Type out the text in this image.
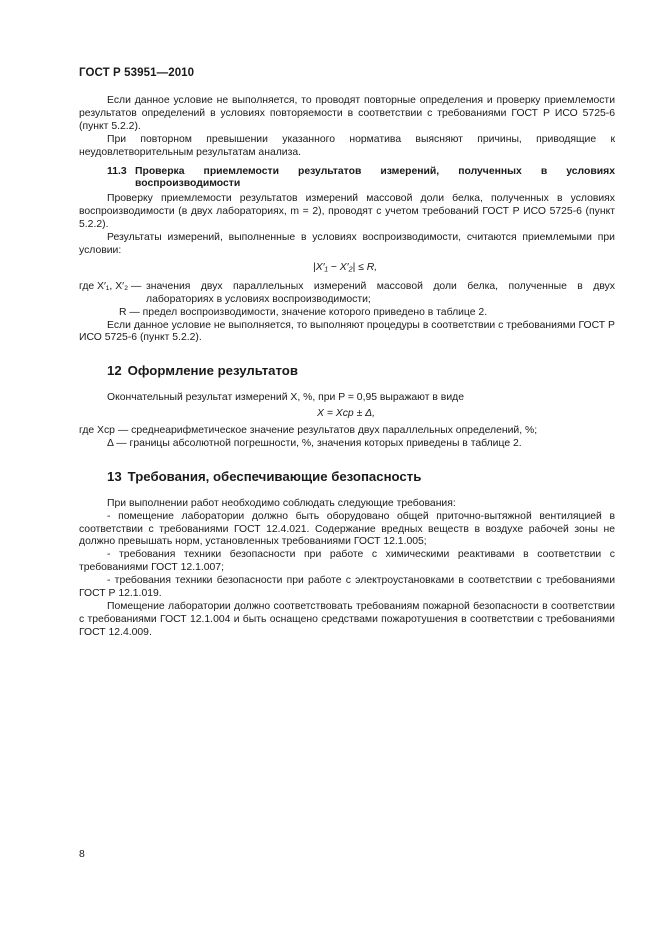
ГОСТ Р 53951—2010

Если данное условие не выполняется, то проводят повторные определения и проверку приемлемости результатов определений в условиях повторяемости в соответствии с требованиями ГОСТ Р ИСО 5725-6 (пункт 5.2.2).

При повторном превышении указанного норматива выясняют причины, приводящие к неудовлетворительным результатам анализа.

11.3 Проверка приемлемости результатов измерений, полученных в условиях воспроизводимости

Проверку приемлемости результатов измерений массовой доли белка, полученных в условиях воспроизводимости (в двух лабораториях, m = 2), проводят с учетом требований ГОСТ Р ИСО 5725-6 (пункт 5.2.2).

Результаты измерений, выполненные в условиях воспроизводимости, считаются приемлемыми при условии:

|X′₁ − X′₂| ≤ R,
где X′₁, X′₂ — значения двух параллельных измерений массовой доли белка, полученные в двух лабораториях в условиях воспроизводимости;
R — предел воспроизводимости, значение которого приведено в таблице 2.

Если данное условие не выполняется, то выполняют процедуры в соответствии с требованиями ГОСТ Р ИСО 5725-6 (пункт 5.2.2).

12 Оформление результатов

Окончательный результат измерений X, %, при P = 0,95 выражают в виде

X = Xср ± Δ,

где Xср — среднеарифметическое значение результатов двух параллельных определений, %;

Δ — границы абсолютной погрешности, %, значения которых приведены в таблице 2.
13 Требования, обеспечивающие безопасность

При выполнении работ необходимо соблюдать следующие требования:

- помещение лаборатории должно быть оборудовано общей приточно-вытяжной вентиляцией в соответствии с требованиями ГОСТ 12.4.021. Содержание вредных веществ в воздухе рабочей зоны не должно превышать норм, установленных требованиями ГОСТ 12.1.005;

- требования техники безопасности при работе с химическими реактивами в соответствии с требованиями ГОСТ 12.1.007;

- требования техники безопасности при работе с электроустановками в соответствии с требованиями ГОСТ Р 12.1.019.

Помещение лаборатории должно соответствовать требованиям пожарной безопасности в соответствии с требованиями ГОСТ 12.1.004 и быть оснащено средствами пожаротушения в соответствии с требованиями ГОСТ 12.4.009.

8
